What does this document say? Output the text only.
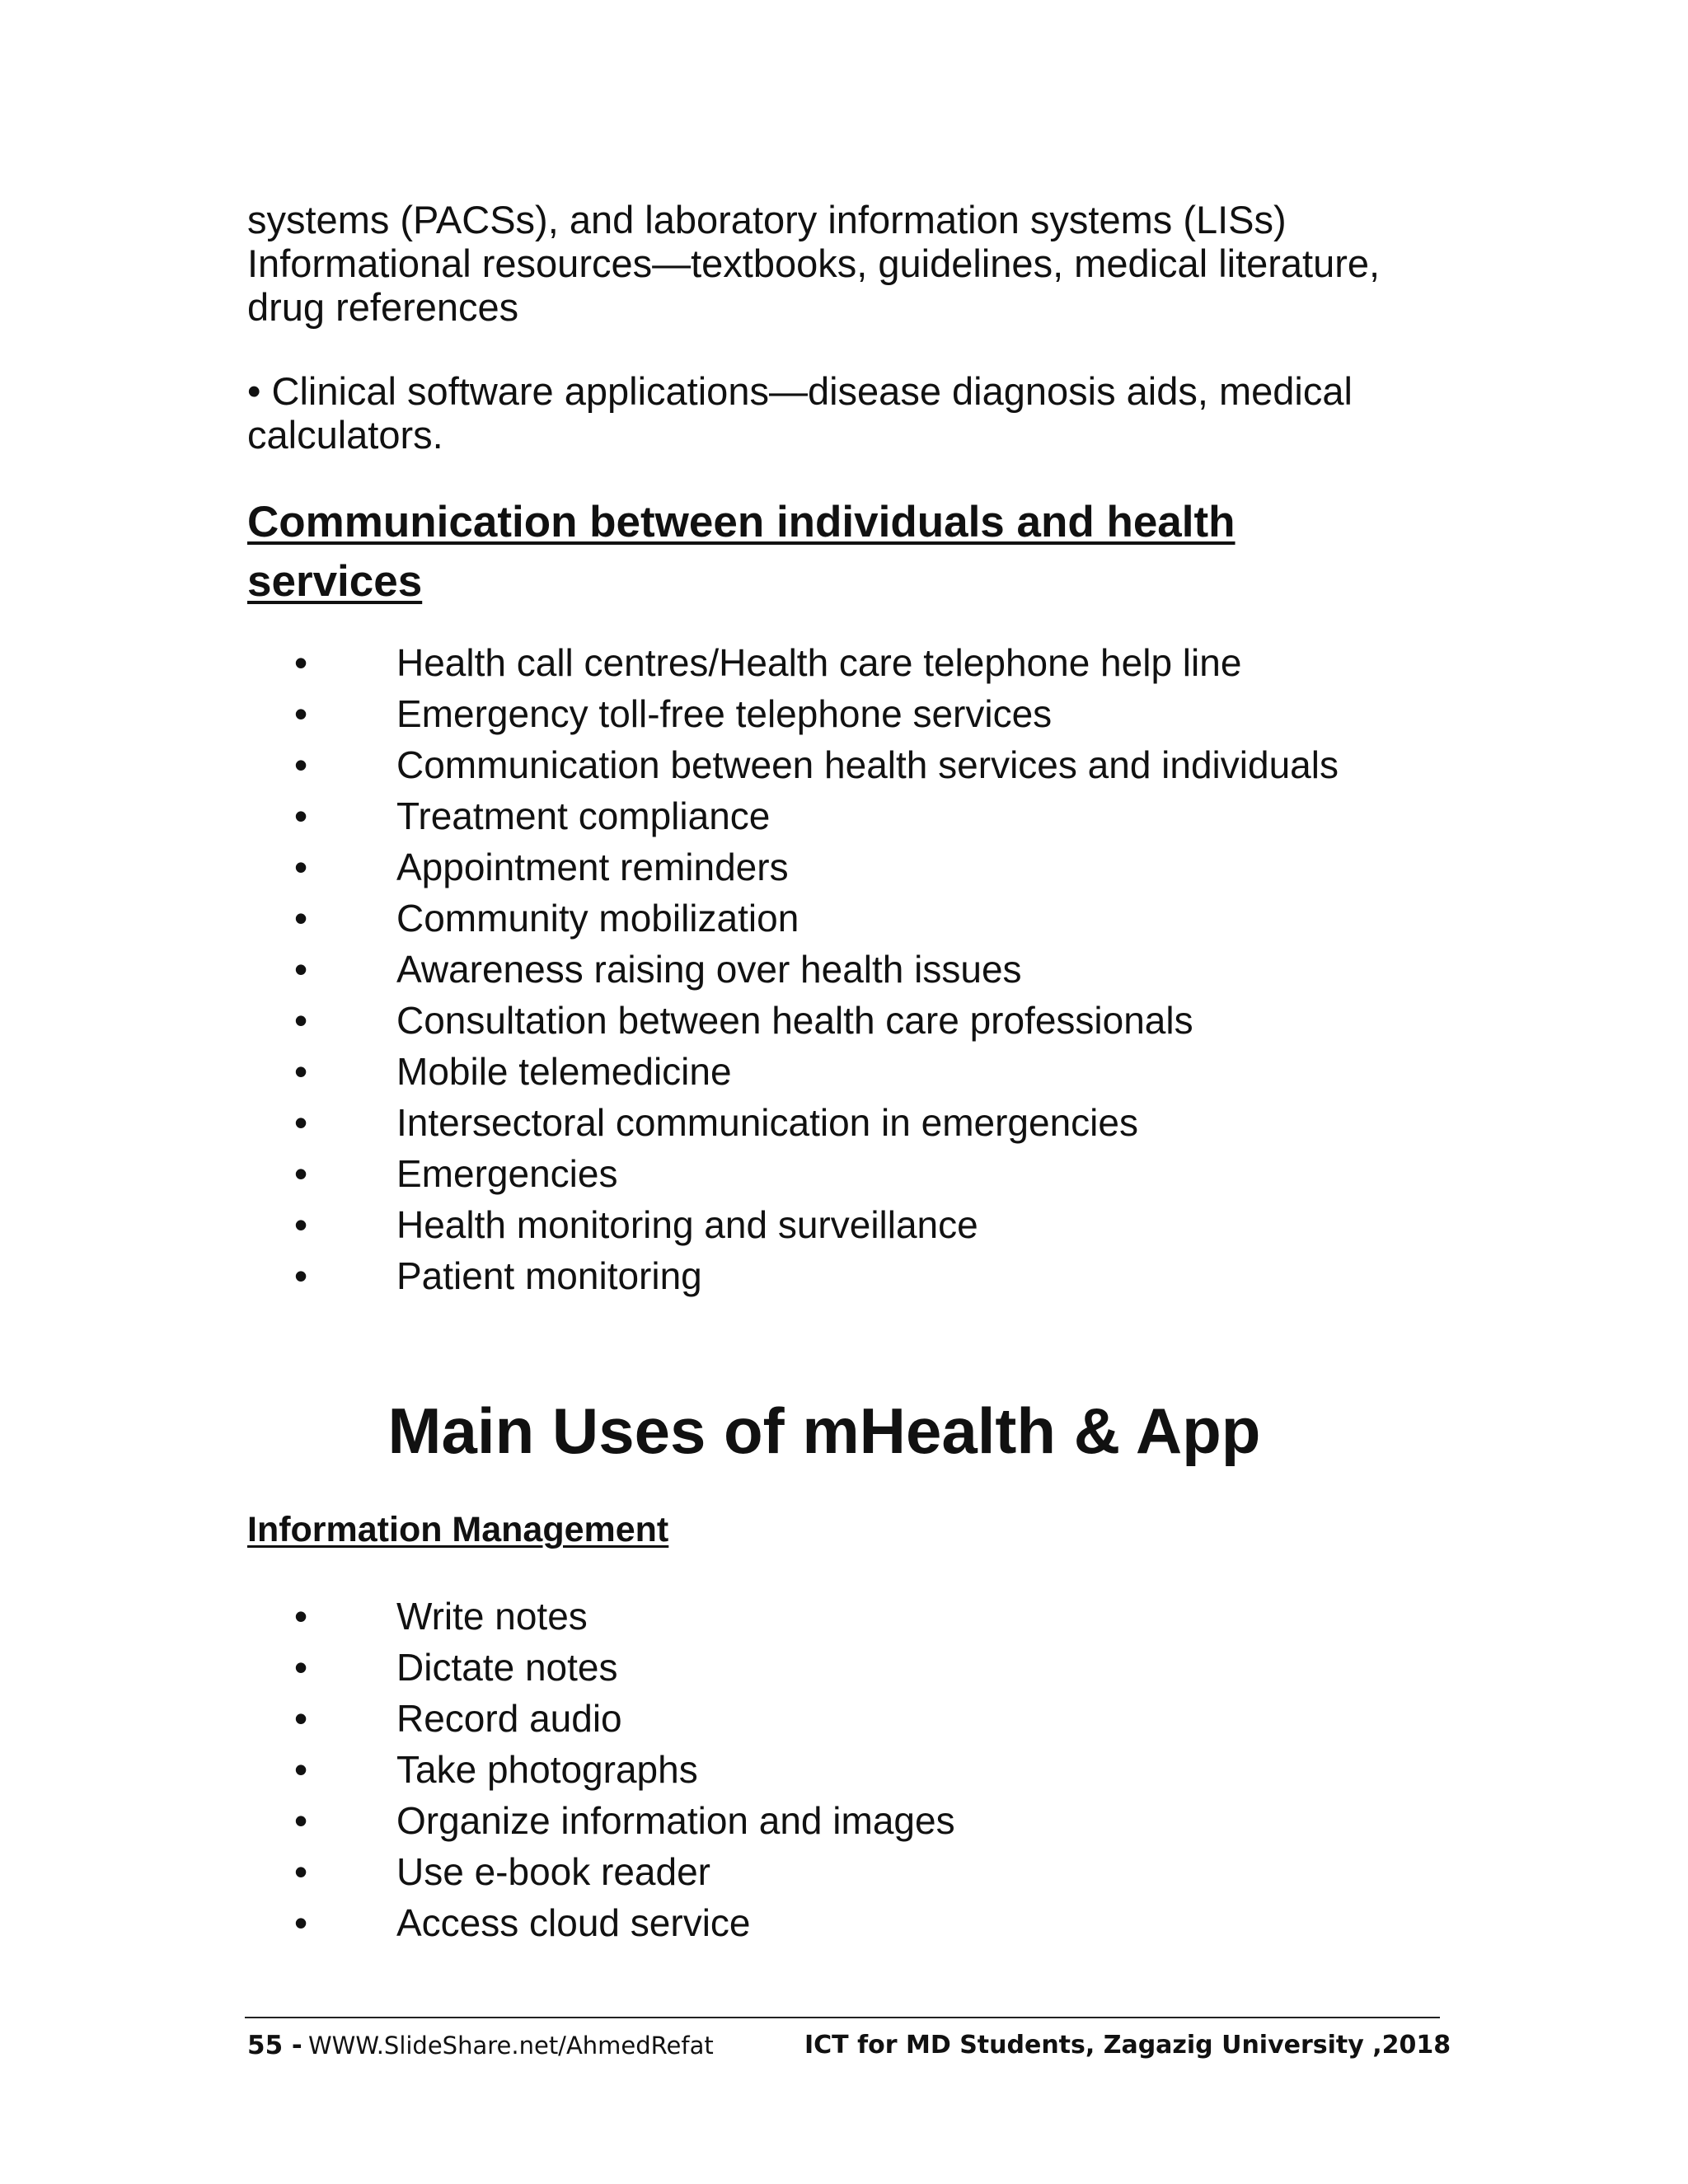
systems (PACSs), and laboratory information systems (LISs) Informational resources—textbooks, guidelines, medical literature, drug references

• Clinical software applications—disease diagnosis aids, medical calculators.

Communication between individuals and health services
• Health call centres/Health care telephone help line
• Emergency toll-free telephone services
• Communication between health services and individuals
• Treatment compliance
• Appointment reminders
• Community mobilization
• Awareness raising over health issues
• Consultation between health care professionals
• Mobile telemedicine
• Intersectoral communication in emergencies
• Emergencies
• Health monitoring and surveillance
• Patient monitoring
Main Uses of mHealth & App
Information Management
• Write notes
• Dictate notes
• Record audio
• Take photographs
• Organize information and images
• Use e-book reader
• Access cloud service
55 - WWW.SlideShare.net/AhmedRefat	ICT for MD Students, Zagazig University ,2018
